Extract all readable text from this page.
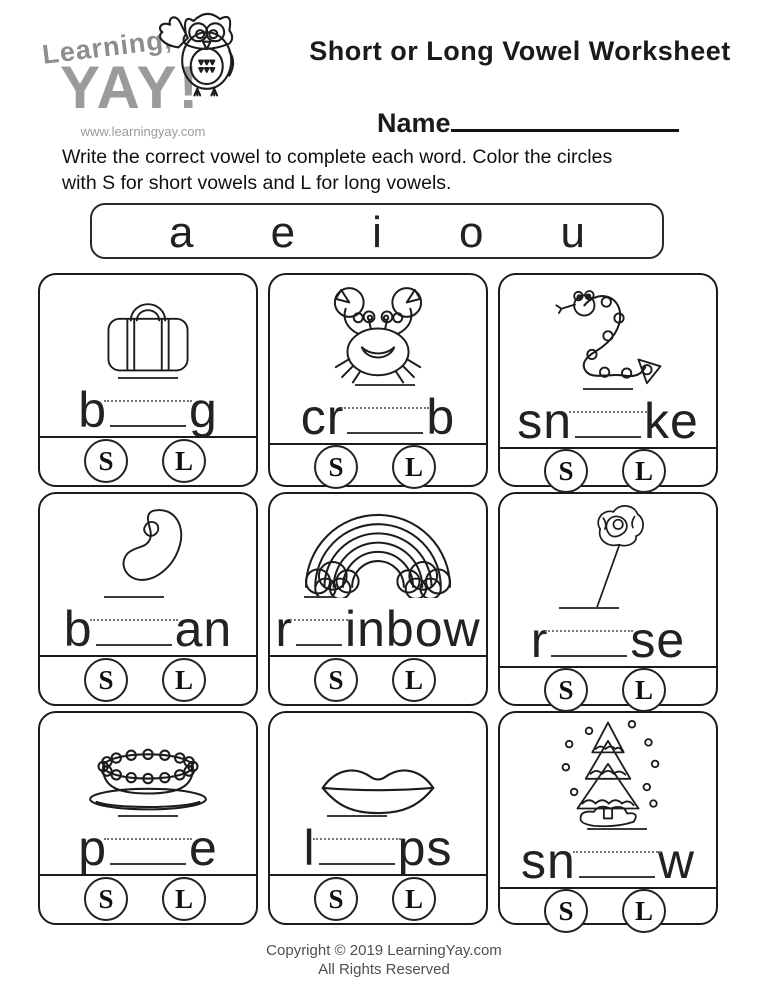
Learning,
YAY!
www.learningyay.com
Short or Long Vowel Worksheet
Name
Write the correct vowel to complete each word. Color the circles
with S for short vowels and L for long vowels.
a e i o u
b g
S	L
cr b
S	L
sn ke
S	L
b an
S	L
r inbow
S	L
r se
S	L
p e
S	L
l ps
S	L
sn w
S	L
Copyright © 2019 LearningYay.com
All Rights Reserved
